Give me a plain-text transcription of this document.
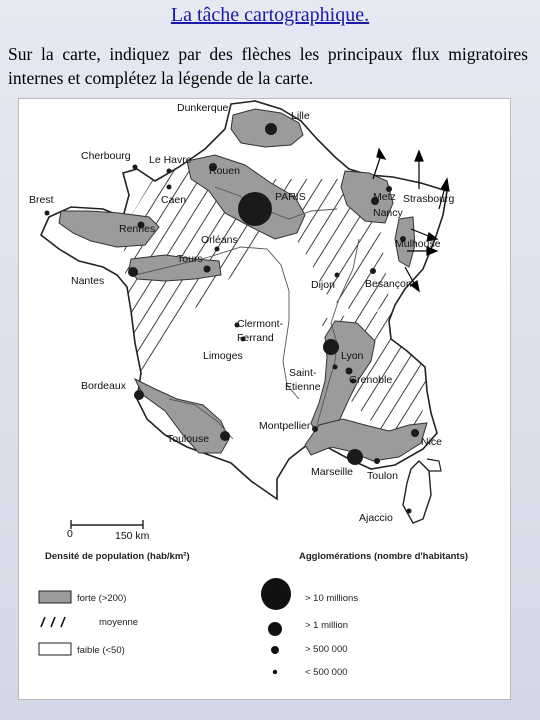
La tâche cartographique.
Sur la carte, indiquez par des flèches les principaux flux migratoires internes et complétez la légende de la carte.
Dunkerque
Lille
Cherbourg Le Havre
Rouen
Caen	PARIS	Metz Strasbourg
Nancy
Brest
Rennes
Orléans	Mulhouse
Tours
Nantes	Dijon	Besançon
Clermont-
Ferrand
Limoges	Lyon
Bordeaux
Saint-
Etienne
Grenoble
Montpellier
Toulouse	Nice
Marseille Toulon
Ajaccio
0	150 km
Densité de population (hab/km²)
forte (>200)
moyenne
faible (<50)
Agglomérations (nombre d'habitants)
> 10 millions
> 1 million
> 500 000
< 500 000
